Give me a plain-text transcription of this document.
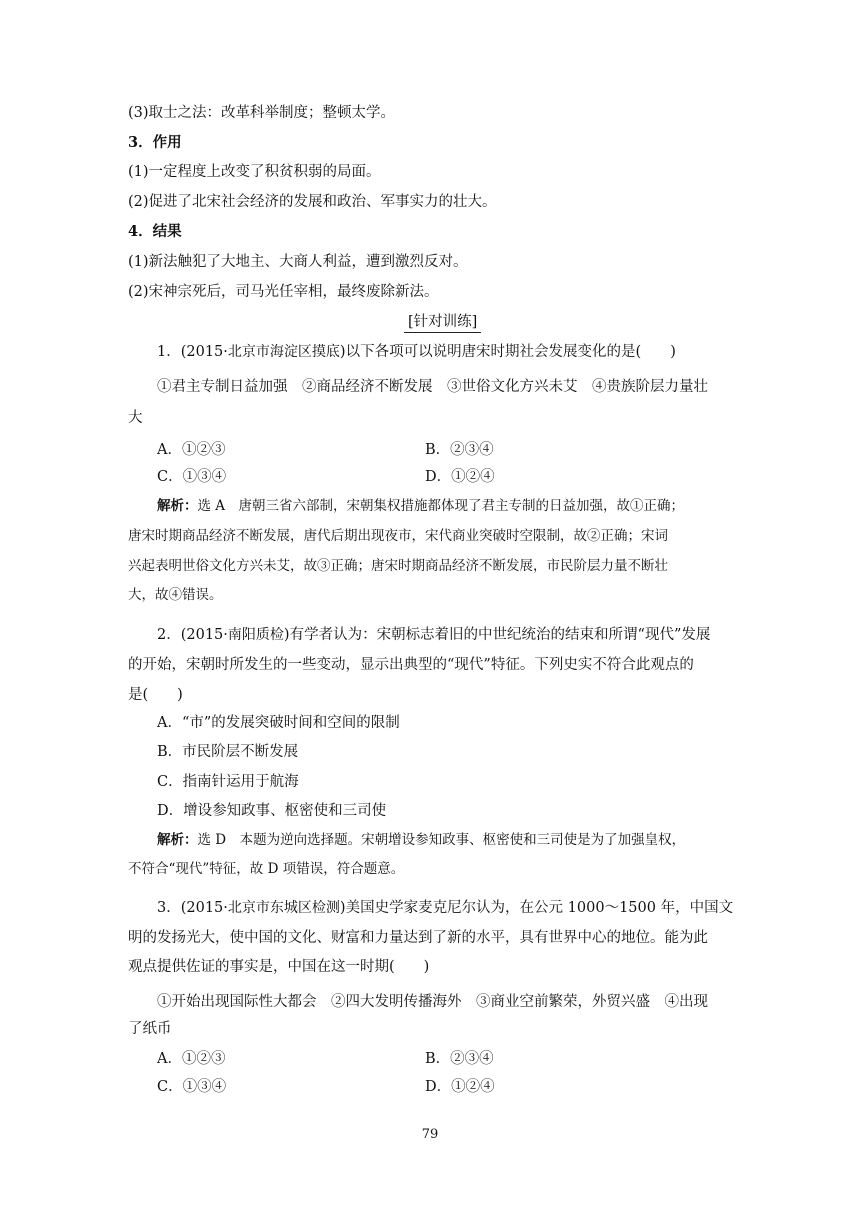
(3)取士之法：改革科举制度；整顿太学。
3．作用
(1)一定程度上改变了积贫积弱的局面。
(2)促进了北宋社会经济的发展和政治、军事实力的壮大。
4．结果
(1)新法触犯了大地主、大商人利益，遭到激烈反对。
(2)宋神宗死后，司马光任宰相，最终废除新法。
[针对训练]
1．(2015·北京市海淀区摸底)以下各项可以说明唐宋时期社会发展变化的是(　　)
①君主专制日益加强　②商品经济不断发展　③世俗文化方兴未艾　④贵族阶层力量壮
大
A．①②③	B．②③④
C．①③④	D．①②④
解析：选 A　唐朝三省六部制，宋朝集权措施都体现了君主专制的日益加强，故①正确；
唐宋时期商品经济不断发展，唐代后期出现夜市，宋代商业突破时空限制，故②正确；宋词
兴起表明世俗文化方兴未艾，故③正确；唐宋时期商品经济不断发展，市民阶层力量不断壮
大，故④错误。
2．(2015·南阳质检)有学者认为：宋朝标志着旧的中世纪统治的结束和所谓“现代”发展
的开始，宋朝时所发生的一些变动，显示出典型的“现代”特征。下列史实不符合此观点的
是(　　)
A．“市”的发展突破时间和空间的限制
B．市民阶层不断发展
C．指南针运用于航海
D．增设参知政事、枢密使和三司使
解析：选 D　本题为逆向选择题。宋朝增设参知政事、枢密使和三司使是为了加强皇权，
不符合“现代”特征，故 D 项错误，符合题意。
3．(2015·北京市东城区检测)美国史学家麦克尼尔认为，在公元 1000～1500 年，中国文
明的发扬光大，使中国的文化、财富和力量达到了新的水平，具有世界中心的地位。能为此
观点提供佐证的事实是，中国在这一时期(　　)
①开始出现国际性大都会　②四大发明传播海外　③商业空前繁荣，外贸兴盛　④出现
了纸币
A．①②③	B．②③④
C．①③④	D．①②④
79
